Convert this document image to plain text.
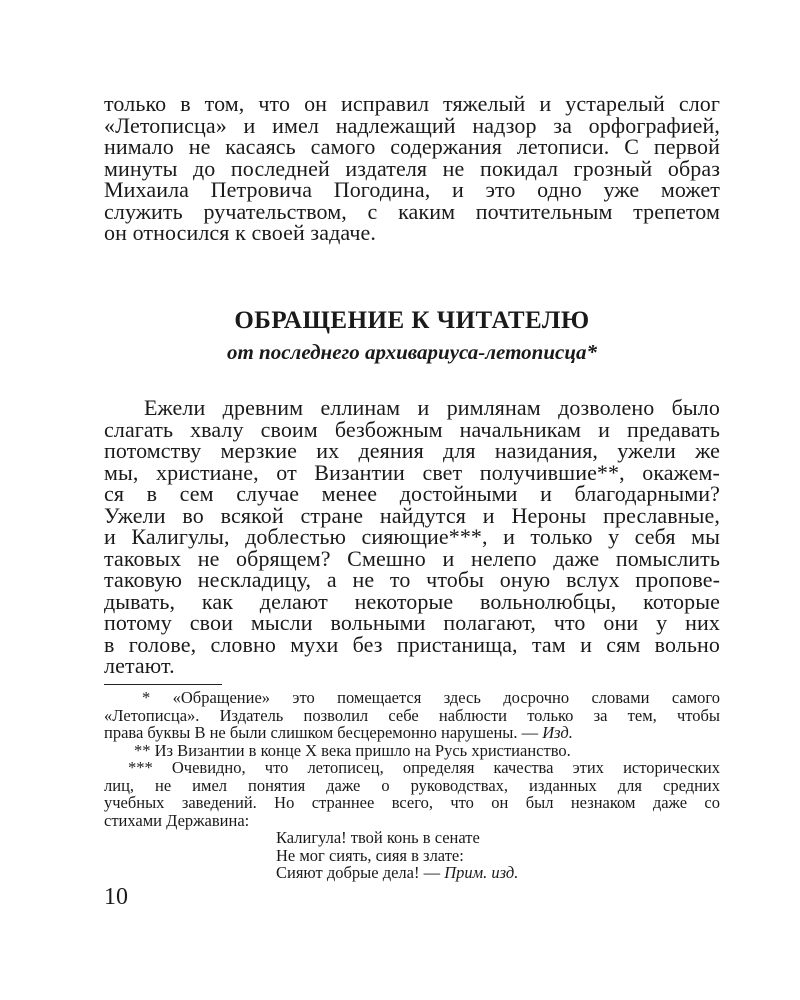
только в том, что он исправил тяжелый и устарелый слог
«Летописца» и имел надлежащий надзор за орфографией,
нимало не касаясь самого содержания летописи. С первой
минуты до последней издателя не покидал грозный образ
Михаила Петровича Погодина, и это одно уже может
служить ручательством, с каким почтительным трепетом
он относился к своей задаче.
ОБРАЩЕНИЕ К ЧИТАТЕЛЮ
от последнего архивариуса-летописца*
Ежели древним еллинам и римлянам дозволено было
слагать хвалу своим безбожным начальникам и предавать
потомству мерзкие их деяния для назидания, ужели же
мы, христиане, от Византии свет получившие**, окажем-
ся в сем случае менее достойными и благодарными?
Ужели во всякой стране найдутся и Нероны преславные,
и Калигулы, доблестью сияющие***, и только у себя мы
таковых не обрящем? Смешно и нелепо даже помыслить
таковую нескладицу, а не то чтобы оную вслух пропове-
дывать, как делают некоторые вольнолюбцы, которые
потому свои мысли вольными полагают, что они у них
в голове, словно мухи без пристанища, там и сям вольно
летают.
* «Обращение» это помещается здесь досрочно словами самого
«Летописца». Издатель позволил себе наблюсти только за тем, чтобы
права буквы В не были слишком бесцеремонно нарушены. — Изд.
** Из Византии в конце X века пришло на Русь христианство.
*** Очевидно, что летописец, определяя качества этих исторических
лиц, не имел понятия даже о руководствах, изданных для средних
учебных заведений. Но страннее всего, что он был незнаком даже со
стихами Державина:
Калигула! твой конь в сенате
Не мог сиять, сияя в злате:
Сияют добрые дела! — Прим. изд.

10
